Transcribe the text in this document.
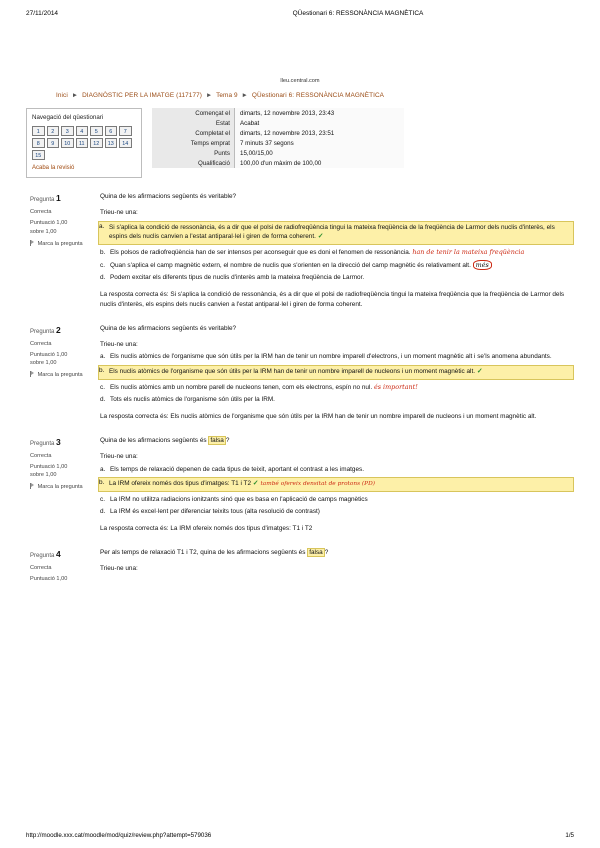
27/11/2014	QÜestionari 6: RESSONÀNCIA MAGNÈTICA
lleu.central.com
Inici ► DIAGNÒSTIC PER LA IMATGE (117177) ► Tema 9 ► QÜestionari 6: RESSONÀNCIA MAGNÈTICA
Navegació del qüestionari
1	2	3	4	5	6	7
8	9	10	11	12	13	14
15
Acaba la revisió
Començat el	dimarts, 12 novembre 2013, 23:43
Estat	Acabat
Completat el	dimarts, 12 novembre 2013, 23:51
Temps emprat	7 minuts 37 segons
Punts	15,00/15,00
Qualificació	100,00 d'un màxim de 100,00
Pregunta 1
Correcta
Puntuació 1,00
sobre 1,00
Marca la pregunta
Quina de les afirmacions següents és veritable?
Trieu-ne una:
a. Si s'aplica la condició de ressonància, és a dir que el polsi de radiofreqüència tingui la mateixa freqüència de la freqüència de Larmor dels nuclis d'interès, els espins dels nuclis canvien a l'estat antiparal·lel i giren de forma coherent. ✓
b. Els polsos de radiofreqüència han de ser intensos per aconseguir que es doni el fenomen de ressonància. han de tenir la mateixa freqüència
c. Quan s'aplica el camp magnètic extern, el nombre de nuclis que s'orienten en la direcció del camp magnètic és relativament alt. més
d. Podem excitar els diferents tipus de nuclis d'interès amb la mateixa freqüència de Larmor.
La resposta correcta és: Si s'aplica la condició de ressonància, és a dir que el polsi de radiofreqüència tingui la mateixa freqüència que la freqüència de Larmor dels nuclis d'interès, els espins dels nuclis canvien a l'estat antiparal·lel i giren de forma coherent.
Pregunta 2
Correcta
Puntuació 1,00
sobre 1,00
Marca la pregunta
Quina de les afirmacions següents és veritable?
Trieu-ne una:
a. Els nuclis atòmics de l'organisme que són útils per la IRM han de tenir un nombre imparell d'electrons, i un moment magnètic alt i se'ls anomena abundants.
b. Els nuclis atòmics de l'organisme que són útils per la IRM han de tenir un nombre imparell de nucleons i un moment magnètic alt. ✓
c. Els nuclis atòmics amb un nombre parell de nucleons tenen, com els electrons, espín no nul. és important!
d. Tots els nuclis atòmics de l'organisme són útils per la IRM.
La resposta correcta és: Els nuclis atòmics de l'organisme que són útils per la IRM han de tenir un nombre imparell de nucleons i un moment magnètic alt.
Pregunta 3
Correcta
Puntuació 1,00
sobre 1,00
Marca la pregunta
Quina de les afirmacions següents és falsa ?
Trieu-ne una:
a. Els temps de relaxació depenen de cada tipus de teixit, aportant el contrast a les imatges.
b. La IRM ofereix només dos tipus d'imatges: T1 i T2 ✓ també ofereix densitat de protons (PD)
c. La IRM no utilitza radiacions ionitzants sinó que es basa en l'aplicació de camps magnètics
d. La IRM és excel·lent per diferenciar teixits tous (alta resolució de contrast)
La resposta correcta és: La IRM ofereix només dos tipus d'imatges: T1 i T2
Pregunta 4
Correcta
Puntuació 1,00
Per als temps de relaxació T1 i T2, quina de les afirmacions següents és falsa ?
Trieu-ne una:
http://moodle.xxx.cat/moodle/mod/quiz/review.php?attempt=579036	1/5
